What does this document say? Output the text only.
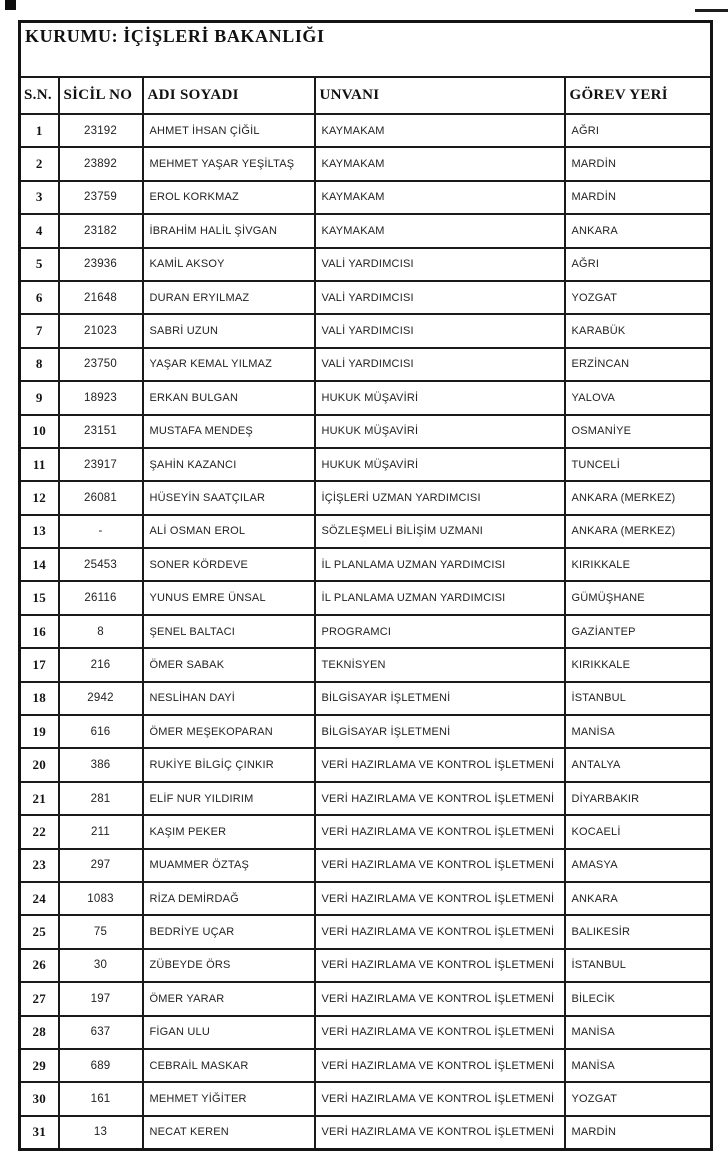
KURUMU: İÇİŞLERİ BAKANLIĞI				
S.N.	SİCİL NO	ADI SOYADI	UNVANI	GÖREV YERİ
1	23192	AHMET İHSAN ÇİĞİL	KAYMAKAM	AĞRI
2	23892	MEHMET YAŞAR YEŞİLTAŞ	KAYMAKAM	MARDİN
3	23759	EROL KORKMAZ	KAYMAKAM	MARDİN
4	23182	İBRAHİM HALİL ŞİVGAN	KAYMAKAM	ANKARA
5	23936	KAMİL AKSOY	VALİ YARDIMCISI	AĞRI
6	21648	DURAN ERYILMAZ	VALİ YARDIMCISI	YOZGAT
7	21023	SABRİ UZUN	VALİ YARDIMCISI	KARABÜK
8	23750	YAŞAR KEMAL YILMAZ	VALİ YARDIMCISI	ERZİNCAN
9	18923	ERKAN BULGAN	HUKUK MÜŞAVİRİ	YALOVA
10	23151	MUSTAFA MENDEŞ	HUKUK MÜŞAVİRİ	OSMANİYE
11	23917	ŞAHİN KAZANCI	HUKUK MÜŞAVİRİ	TUNCELİ
12	26081	HÜSEYİN SAATÇILAR	İÇİŞLERİ UZMAN YARDIMCISI	ANKARA (MERKEZ)
13	-	ALİ OSMAN EROL	SÖZLEŞMELİ BİLİŞİM UZMANI	ANKARA (MERKEZ)
14	25453	SONER KÖRDEVE	İL PLANLAMA UZMAN YARDIMCISI	KIRIKKALE
15	26116	YUNUS EMRE ÜNSAL	İL PLANLAMA UZMAN YARDIMCISI	GÜMÜŞHANE
16	8	ŞENEL BALTACI	PROGRAMCI	GAZİANTEP
17	216	ÖMER SABAK	TEKNİSYEN	KIRIKKALE
18	2942	NESLİHAN DAYİ	BİLGİSAYAR İŞLETMENİ	İSTANBUL
19	616	ÖMER MEŞEKOPARAN	BİLGİSAYAR İŞLETMENİ	MANİSA
20	386	RUKİYE BİLGİÇ ÇINKIR	VERİ HAZIRLAMA VE KONTROL İŞLETMENİ	ANTALYA
21	281	ELİF NUR YILDIRIM	VERİ HAZIRLAMA VE KONTROL İŞLETMENİ	DİYARBAKIR
22	211	KAŞIM PEKER	VERİ HAZIRLAMA VE KONTROL İŞLETMENİ	KOCAELİ
23	297	MUAMMER ÖZTAŞ	VERİ HAZIRLAMA VE KONTROL İŞLETMENİ	AMASYA
24	1083	RİZA DEMİRDAĞ	VERİ HAZIRLAMA VE KONTROL İŞLETMENİ	ANKARA
25	75	BEDRİYE UÇAR	VERİ HAZIRLAMA VE KONTROL İŞLETMENİ	BALIKESİR
26	30	ZÜBEYDE ÖRS	VERİ HAZIRLAMA VE KONTROL İŞLETMENİ	İSTANBUL
27	197	ÖMER YARAR	VERİ HAZIRLAMA VE KONTROL İŞLETMENİ	BİLECİK
28	637	FİGAN ULU	VERİ HAZIRLAMA VE KONTROL İŞLETMENİ	MANİSA
29	689	CEBRAİL MASKAR	VERİ HAZIRLAMA VE KONTROL İŞLETMENİ	MANİSA
30	161	MEHMET YİĞİTER	VERİ HAZIRLAMA VE KONTROL İŞLETMENİ	YOZGAT
31	13	NECAT KEREN	VERİ HAZIRLAMA VE KONTROL İŞLETMENİ	MARDİN
